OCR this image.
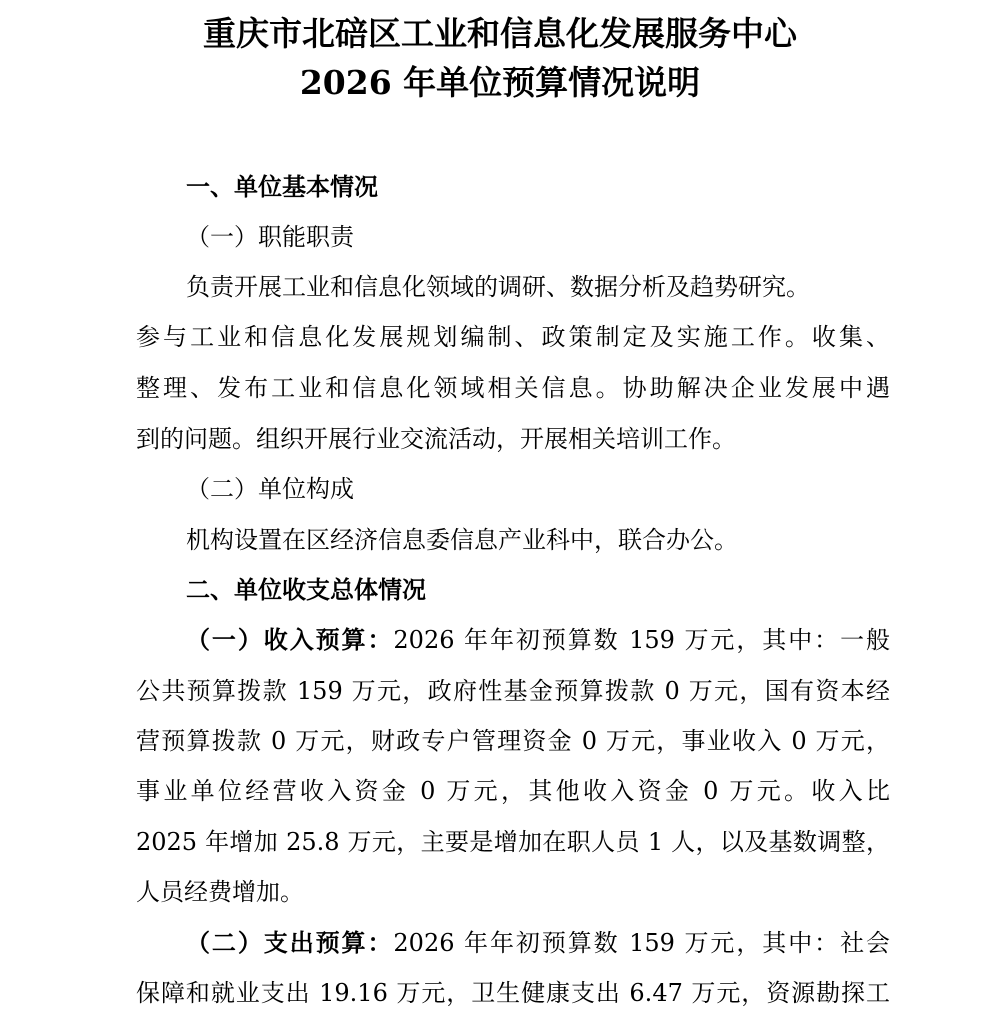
重庆市北碚区工业和信息化发展服务中心
2026 年单位预算情况说明
一、单位基本情况
（一）职能职责
负责开展工业和信息化领域的调研、数据分析及趋势研究。
参与工业和信息化发展规划编制、政策制定及实施工作。收集、
整理、发布工业和信息化领域相关信息。协助解决企业发展中遇
到的问题。组织开展行业交流活动，开展相关培训工作。
（二）单位构成
机构设置在区经济信息委信息产业科中，联合办公。
二、单位收支总体情况
（一）收入预算：2026 年年初预算数 159 万元，其中：一般
公共预算拨款 159 万元，政府性基金预算拨款 0 万元，国有资本经
营预算拨款 0 万元，财政专户管理资金 0 万元，事业收入 0 万元，
事业单位经营收入资金 0 万元，其他收入资金 0 万元。收入比
2025 年增加 25.8 万元，主要是增加在职人员 1 人，以及基数调整，
人员经费增加。
（二）支出预算：2026 年年初预算数 159 万元，其中：社会
保障和就业支出 19.16 万元，卫生健康支出 6.47 万元，资源勘探工
